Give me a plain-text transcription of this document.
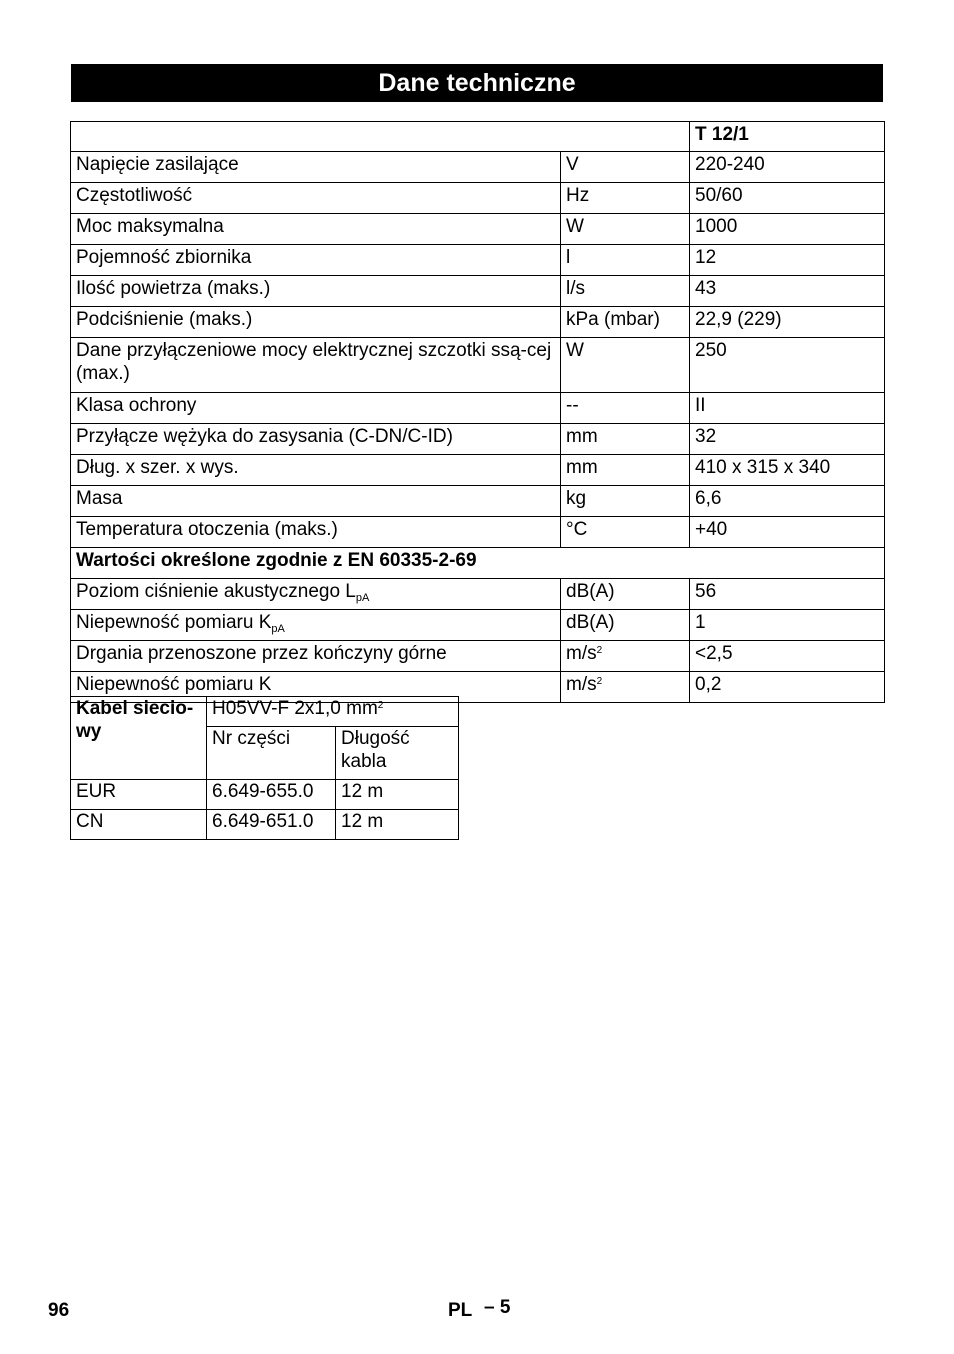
Dane techniczne
		T 12/1
Napięcie zasilające	V	220-240
Częstotliwość	Hz	50/60
Moc maksymalna	W	1000
Pojemność zbiornika	l	12
Ilość powietrza (maks.)	l/s	43
Podciśnienie (maks.)	kPa (mbar)	22,9 (229)
Dane przyłączeniowe mocy elektrycznej szczotki ssą-cej (max.)	W	250
Klasa ochrony	--	II
Przyłącze wężyka do zasysania (C-DN/C-ID)	mm	32
Dług. x szer. x wys.	mm	410 x 315 x 340
Masa	kg	6,6
Temperatura otoczenia (maks.)	°C	+40
Wartości określone zgodnie z EN 60335-2-69		
Poziom ciśnienie akustycznego $L_{pA}$	dB(A)	56
Niepewność pomiaru $K_{pA}$	dB(A)	1
Drgania przenoszone przez kończyny górne	$m/s^2$	<2,5
Niepewność pomiaru K	$m/s^2$	0,2
Kabel siecio-wy	H05VV-F 2x1,0 $mm^2$
	Nr części	Długość kabla
EUR	6.649-655.0	12 m
CN	6.649-651.0	12 m
96	PL – 5
